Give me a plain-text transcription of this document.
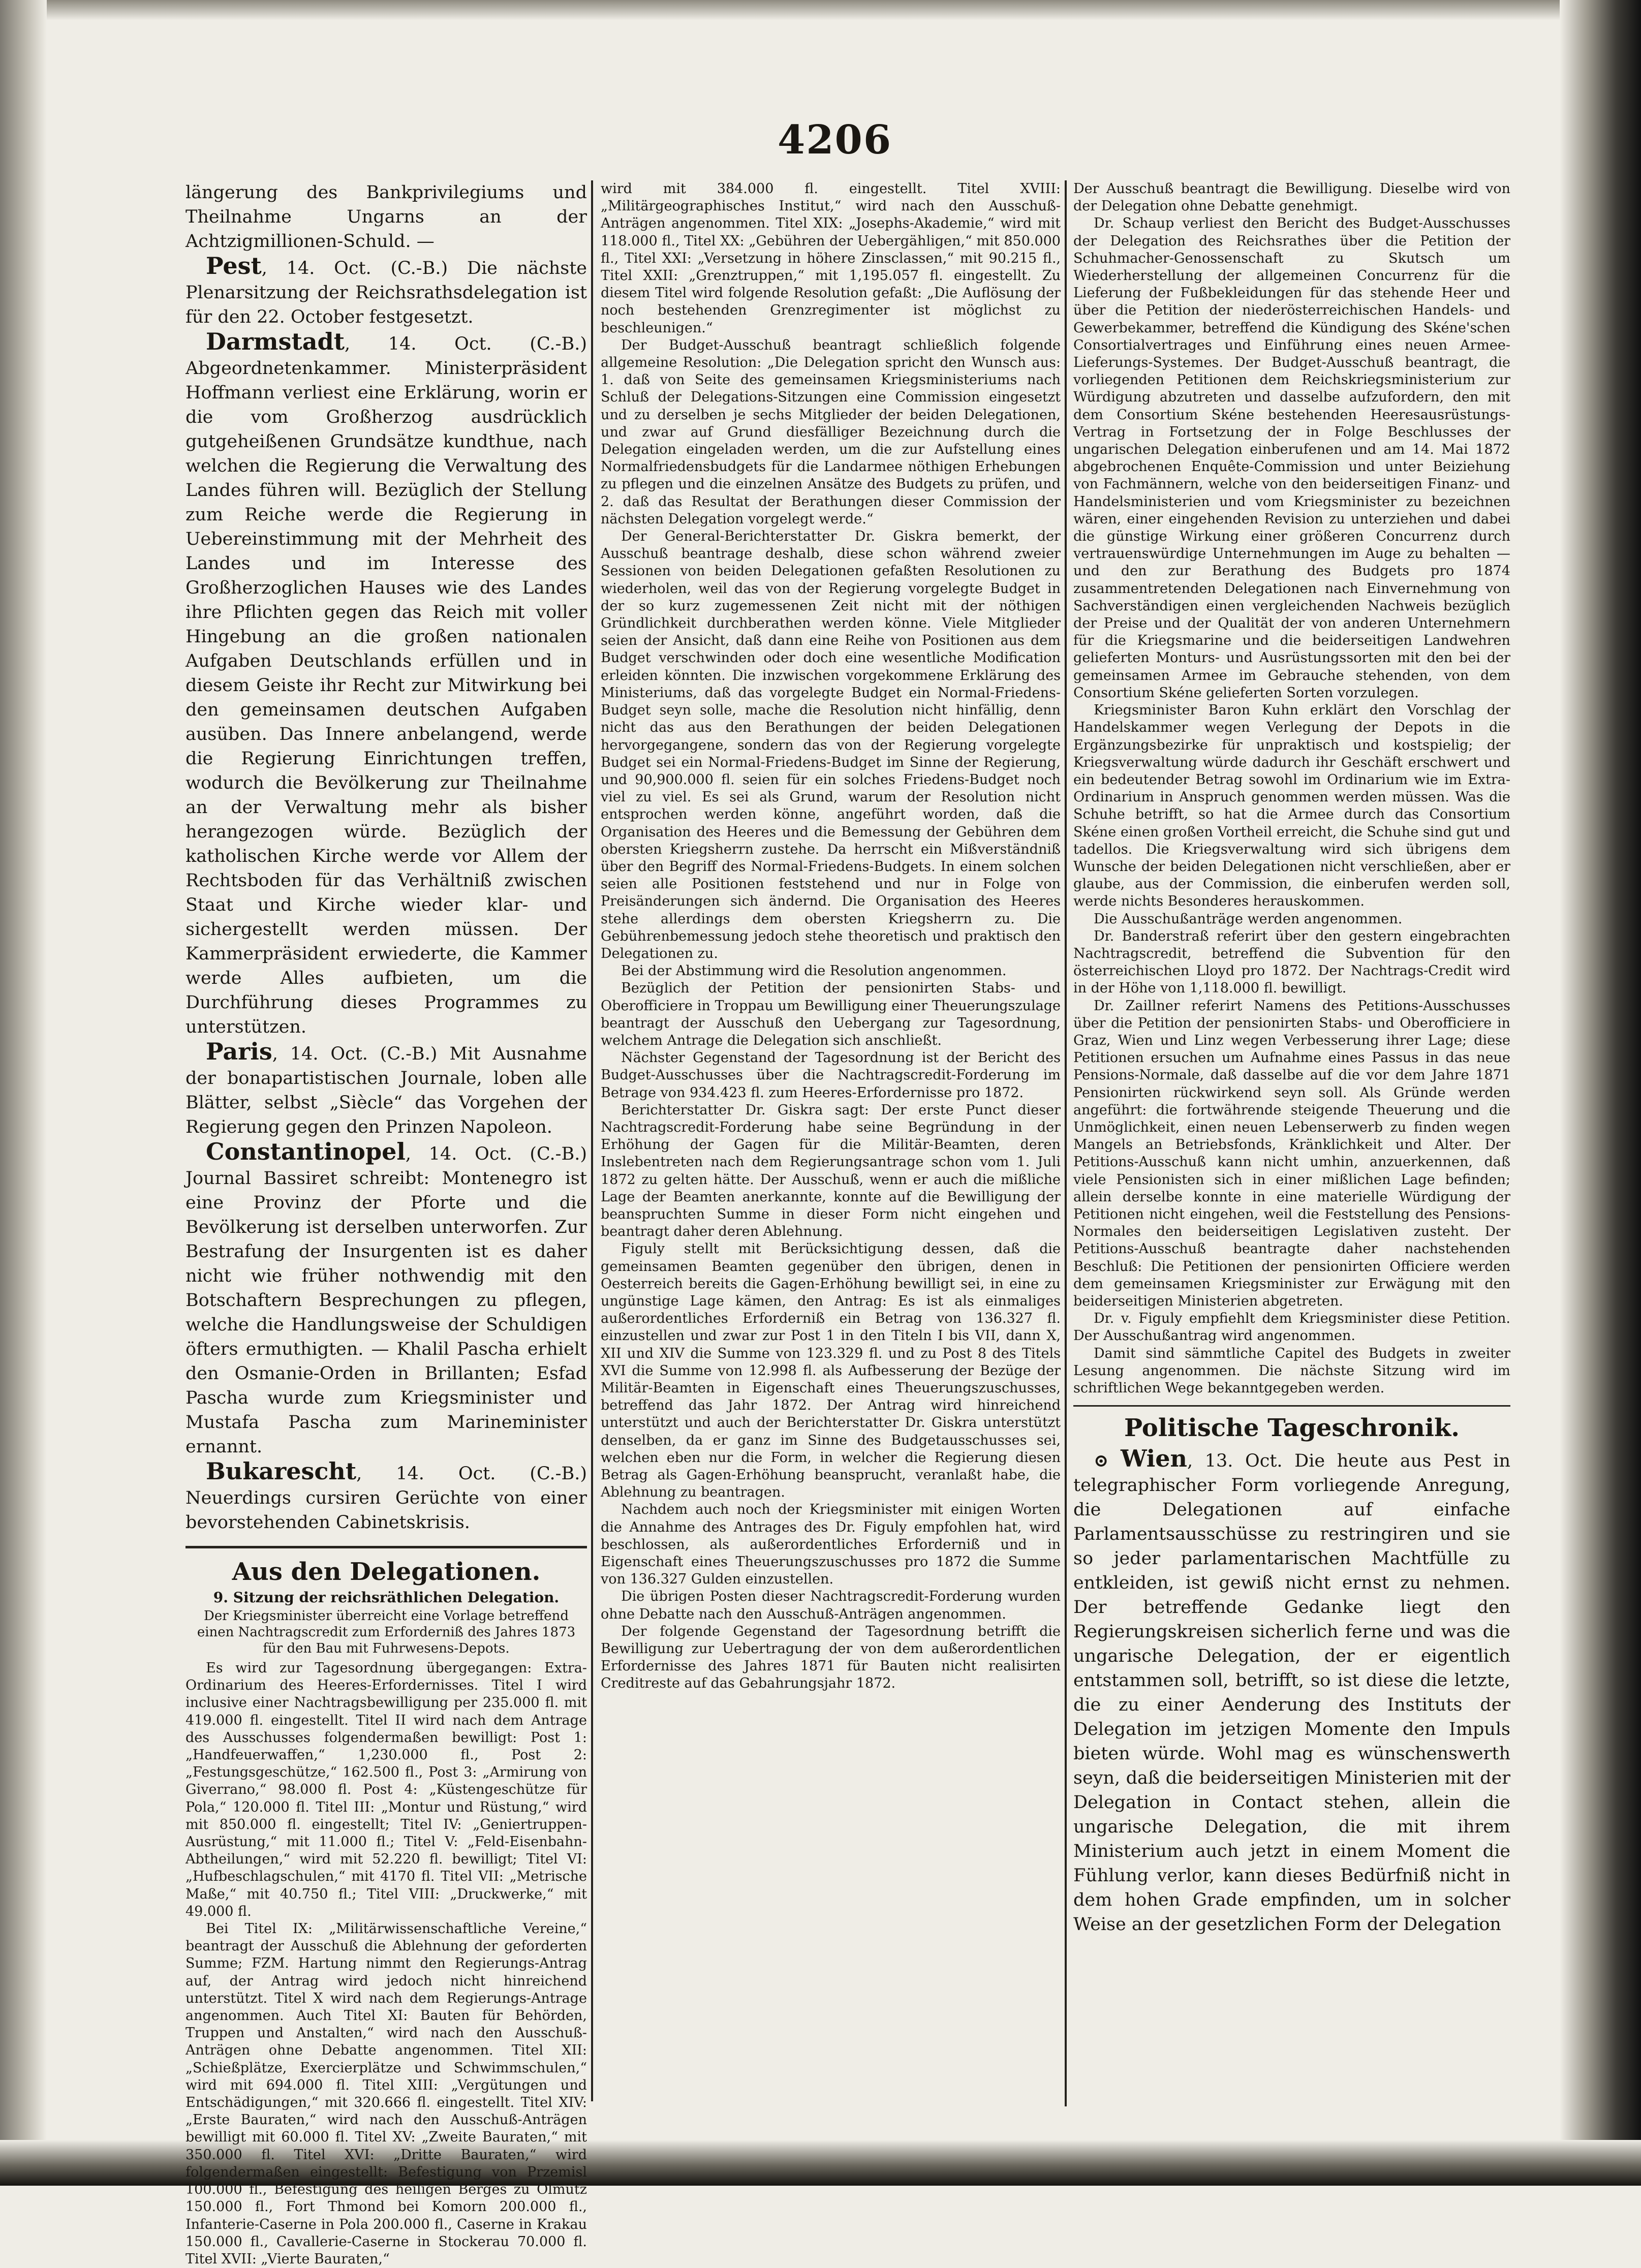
4206

längerung des Bankprivilegiums und Theilnahme Ungarns an der Achtzigmillionen-Schuld. —

Pest, 14. Oct. (C.-B.) Die nächste Plenarsitzung der Reichsrathsdelegation ist für den 22. October festgesetzt.

Darmstadt, 14. Oct. (C.-B.) Abgeordnetenkammer. Ministerpräsident Hoffmann verliest eine Erklärung, worin er die vom Großherzog ausdrücklich gutgeheißenen Grundsätze kundthue, nach welchen die Regierung die Verwaltung des Landes führen will. Bezüglich der Stellung zum Reiche werde die Regierung in Uebereinstimmung mit der Mehrheit des Landes und im Interesse des Großherzoglichen Hauses wie des Landes ihre Pflichten gegen das Reich mit voller Hingebung an die großen nationalen Aufgaben Deutschlands erfüllen und in diesem Geiste ihr Recht zur Mitwirkung bei den gemeinsamen deutschen Aufgaben ausüben. Das Innere anbelangend, werde die Regierung Einrichtungen treffen, wodurch die Bevölkerung zur Theilnahme an der Verwaltung mehr als bisher herangezogen würde. Bezüglich der katholischen Kirche werde vor Allem der Rechtsboden für das Verhältniß zwischen Staat und Kirche wieder klar- und sichergestellt werden müssen. Der Kammerpräsident erwiederte, die Kammer werde Alles aufbieten, um die Durchführung dieses Programmes zu unterstützen.

Paris, 14. Oct. (C.-B.) Mit Ausnahme der bonapartistischen Journale, loben alle Blätter, selbst „Siècle“ das Vorgehen der Regierung gegen den Prinzen Napoleon.

Constantinopel, 14. Oct. (C.-B.) Journal Bassiret schreibt: Montenegro ist eine Provinz der Pforte und die Bevölkerung ist derselben unterworfen. Zur Bestrafung der Insurgenten ist es daher nicht wie früher nothwendig mit den Botschaftern Besprechungen zu pflegen, welche die Handlungsweise der Schuldigen öfters ermuthigten. — Khalil Pascha erhielt den Osmanie-Orden in Brillanten; Esfad Pascha wurde zum Kriegsminister und Mustafa Pascha zum Marineminister ernannt.

Bukarescht, 14. Oct. (C.-B.) Neuerdings cursiren Gerüchte von einer bevorstehenden Cabinetskrisis.

Aus den Delegationen.
9. Sitzung der reichsräthlichen Delegation.

Der Kriegsminister überreicht eine Vorlage betreffend einen Nachtragscredit zum Erforderniß des Jahres 1873 für den Bau mit Fuhrwesens-Depots.

Es wird zur Tagesordnung übergegangen: Extra-Ordinarium des Heeres-Erfordernisses. Titel I wird inclusive einer Nachtragsbewilligung per 235.000 fl. mit 419.000 fl. eingestellt. Titel II wird nach dem Antrage des Ausschusses folgendermaßen bewilligt: Post 1: „Handfeuerwaffen,“ 1,230.000 fl., Post 2: „Festungsgeschütze,“ 162.500 fl., Post 3: „Armirung von Giverrano,“ 98.000 fl. Post 4: „Küstengeschütze für Pola,“ 120.000 fl. Titel III: „Montur und Rüstung,“ wird mit 850.000 fl. eingestellt; Titel IV: „Geniertruppen-Ausrüstung,“ mit 11.000 fl.; Titel V: „Feld-Eisenbahn-Abtheilungen,“ wird mit 52.220 fl. bewilligt; Titel VI: „Hufbeschlagschulen,“ mit 4170 fl. Titel VII: „Metrische Maße,“ mit 40.750 fl.; Titel VIII: „Druckwerke,“ mit 49.000 fl.

Bei Titel IX: „Militärwissenschaftliche Vereine,“ beantragt der Ausschuß die Ablehnung der geforderten Summe; FZM. Hartung nimmt den Regierungs-Antrag auf, der Antrag wird jedoch nicht hinreichend unterstützt. Titel X wird nach dem Regierungs-Antrage angenommen. Auch Titel XI: Bauten für Behörden, Truppen und Anstalten,“ wird nach den Ausschuß-Anträgen ohne Debatte angenommen. Titel XII: „Schießplätze, Exercierplätze und Schwimmschulen,“ wird mit 694.000 fl. Titel XIII: „Vergütungen und Entschädigungen,“ mit 320.666 fl. eingestellt. Titel XIV: „Erste Bauraten,“ wird nach den Ausschuß-Anträgen bewilligt mit 60.000 fl. Titel XV: „Zweite Bauraten,“ mit 350.000 fl. Titel XVI: „Dritte Bauraten,“ wird folgendermaßen eingestellt: Befestigung von Przemisl 100.000 fl., Befestigung des heiligen Berges zu Olmütz 150.000 fl., Fort Thmond bei Komorn 200.000 fl., Infanterie-Caserne in Pola 200.000 fl., Caserne in Krakau 150.000 fl., Cavallerie-Caserne in Stockerau 70.000 fl. Titel XVII: „Vierte Bauraten,“

wird mit 384.000 fl. eingestellt. Titel XVIII: „Militärgeographisches Institut,“ wird nach den Ausschuß-Anträgen angenommen. Titel XIX: „Josephs-Akademie,“ wird mit 118.000 fl., Titel XX: „Gebühren der Uebergähligen,“ mit 850.000 fl., Titel XXI: „Versetzung in höhere Zinsclassen,“ mit 90.215 fl., Titel XXII: „Grenztruppen,“ mit 1,195.057 fl. eingestellt. Zu diesem Titel wird folgende Resolution gefaßt: „Die Auflösung der noch bestehenden Grenzregimenter ist möglichst zu beschleunigen.“

Der Budget-Ausschuß beantragt schließlich folgende allgemeine Resolution: „Die Delegation spricht den Wunsch aus: 1. daß von Seite des gemeinsamen Kriegsministeriums nach Schluß der Delegations-Sitzungen eine Commission eingesetzt und zu derselben je sechs Mitglieder der beiden Delegationen, und zwar auf Grund diesfälliger Bezeichnung durch die Delegation eingeladen werden, um die zur Aufstellung eines Normalfriedensbudgets für die Landarmee nöthigen Erhebungen zu pflegen und die einzelnen Ansätze des Budgets zu prüfen, und 2. daß das Resultat der Berathungen dieser Commission der nächsten Delegation vorgelegt werde.“

Der General-Berichterstatter Dr. Giskra bemerkt, der Ausschuß beantrage deshalb, diese schon während zweier Sessionen von beiden Delegationen gefaßten Resolutionen zu wiederholen, weil das von der Regierung vorgelegte Budget in der so kurz zugemessenen Zeit nicht mit der nöthigen Gründlichkeit durchberathen werden könne. Viele Mitglieder seien der Ansicht, daß dann eine Reihe von Positionen aus dem Budget verschwinden oder doch eine wesentliche Modification erleiden könnten. Die inzwischen vorgekommene Erklärung des Ministeriums, daß das vorgelegte Budget ein Normal-Friedens-Budget seyn solle, mache die Resolution nicht hinfällig, denn nicht das aus den Berathungen der beiden Delegationen hervorgegangene, sondern das von der Regierung vorgelegte Budget sei ein Normal-Friedens-Budget im Sinne der Regierung, und 90,900.000 fl. seien für ein solches Friedens-Budget noch viel zu viel. Es sei als Grund, warum der Resolution nicht entsprochen werden könne, angeführt worden, daß die Organisation des Heeres und die Bemessung der Gebühren dem obersten Kriegsherrn zustehe. Da herrscht ein Mißverständniß über den Begriff des Normal-Friedens-Budgets. In einem solchen seien alle Positionen feststehend und nur in Folge von Preisänderungen sich ändernd. Die Organisation des Heeres stehe allerdings dem obersten Kriegsherrn zu. Die Gebührenbemessung jedoch stehe theoretisch und praktisch den Delegationen zu.

Bei der Abstimmung wird die Resolution angenommen.

Bezüglich der Petition der pensionirten Stabs- und Oberofficiere in Troppau um Bewilligung einer Theuerungszulage beantragt der Ausschuß den Uebergang zur Tagesordnung, welchem Antrage die Delegation sich anschließt.

Nächster Gegenstand der Tagesordnung ist der Bericht des Budget-Ausschusses über die Nachtragscredit-Forderung im Betrage von 934.423 fl. zum Heeres-Erfordernisse pro 1872.

Berichterstatter Dr. Giskra sagt: Der erste Punct dieser Nachtragscredit-Forderung habe seine Begründung in der Erhöhung der Gagen für die Militär-Beamten, deren Inslebentreten nach dem Regierungsantrage schon vom 1. Juli 1872 zu gelten hätte. Der Ausschuß, wenn er auch die mißliche Lage der Beamten anerkannte, konnte auf die Bewilligung der beanspruchten Summe in dieser Form nicht eingehen und beantragt daher deren Ablehnung.

Figuly stellt mit Berücksichtigung dessen, daß die gemeinsamen Beamten gegenüber den übrigen, denen in Oesterreich bereits die Gagen-Erhöhung bewilligt sei, in eine zu ungünstige Lage kämen, den Antrag: Es ist als einmaliges außerordentliches Erforderniß ein Betrag von 136.327 fl. einzustellen und zwar zur Post 1 in den Titeln I bis VII, dann X, XII und XIV die Summe von 123.329 fl. und zu Post 8 des Titels XVI die Summe von 12.998 fl. als Aufbesserung der Bezüge der Militär-Beamten in Eigenschaft eines Theuerungszuschusses, betreffend das Jahr 1872. Der Antrag wird hinreichend unterstützt und auch der Berichterstatter Dr. Giskra unterstützt denselben, da er ganz im Sinne des Budgetausschusses sei, welchen eben nur die Form, in welcher die Regierung diesen Betrag als Gagen-Erhöhung beansprucht, veranlaßt habe, die Ablehnung zu beantragen.

Nachdem auch noch der Kriegsminister mit einigen Worten die Annahme des Antrages des Dr. Figuly empfohlen hat, wird beschlossen, als außerordentliches Erforderniß und in Eigenschaft eines Theuerungszuschusses pro 1872 die Summe von 136.327 Gulden einzustellen.

Die übrigen Posten dieser Nachtragscredit-Forderung wurden ohne Debatte nach den Ausschuß-Anträgen angenommen.

Der folgende Gegenstand der Tagesordnung betrifft die Bewilligung zur Uebertragung der von dem außerordentlichen Erfordernisse des Jahres 1871 für Bauten nicht realisirten Creditreste auf das Gebahrungsjahr 1872.

Der Ausschuß beantragt die Bewilligung. Dieselbe wird von der Delegation ohne Debatte genehmigt.

Dr. Schaup verliest den Bericht des Budget-Ausschusses der Delegation des Reichsrathes über die Petition der Schuhmacher-Genossenschaft zu Skutsch um Wiederherstellung der allgemeinen Concurrenz für die Lieferung der Fußbekleidungen für das stehende Heer und über die Petition der niederösterreichischen Handels- und Gewerbekammer, betreffend die Kündigung des Skéne'schen Consortialvertrages und Einführung eines neuen Armee-Lieferungs-Systemes. Der Budget-Ausschuß beantragt, die vorliegenden Petitionen dem Reichskriegsministerium zur Würdigung abzutreten und dasselbe aufzufordern, den mit dem Consortium Skéne bestehenden Heeresausrüstungs-Vertrag in Fortsetzung der in Folge Beschlusses der ungarischen Delegation einberufenen und am 14. Mai 1872 abgebrochenen Enquête-Commission und unter Beiziehung von Fachmännern, welche von den beiderseitigen Finanz- und Handelsministerien und vom Kriegsminister zu bezeichnen wären, einer eingehenden Revision zu unterziehen und dabei die günstige Wirkung einer größeren Concurrenz durch vertrauenswürdige Unternehmungen im Auge zu behalten — und den zur Berathung des Budgets pro 1874 zusammentretenden Delegationen nach Einvernehmung von Sachverständigen einen vergleichenden Nachweis bezüglich der Preise und der Qualität der von anderen Unternehmern für die Kriegsmarine und die beiderseitigen Landwehren gelieferten Monturs- und Ausrüstungssorten mit den bei der gemeinsamen Armee im Gebrauche stehenden, von dem Consortium Skéne gelieferten Sorten vorzulegen.

Kriegsminister Baron Kuhn erklärt den Vorschlag der Handelskammer wegen Verlegung der Depots in die Ergänzungsbezirke für unpraktisch und kostspielig; der Kriegsverwaltung würde dadurch ihr Geschäft erschwert und ein bedeutender Betrag sowohl im Ordinarium wie im Extra-Ordinarium in Anspruch genommen werden müssen. Was die Schuhe betrifft, so hat die Armee durch das Consortium Skéne einen großen Vortheil erreicht, die Schuhe sind gut und tadellos. Die Kriegsverwaltung wird sich übrigens dem Wunsche der beiden Delegationen nicht verschließen, aber er glaube, aus der Commission, die einberufen werden soll, werde nichts Besonderes herauskommen.

Die Ausschußanträge werden angenommen.

Dr. Banderstraß referirt über den gestern eingebrachten Nachtragscredit, betreffend die Subvention für den österreichischen Lloyd pro 1872. Der Nachtrags-Credit wird in der Höhe von 1,118.000 fl. bewilligt.

Dr. Zaillner referirt Namens des Petitions-Ausschusses über die Petition der pensionirten Stabs- und Oberofficiere in Graz, Wien und Linz wegen Verbesserung ihrer Lage; diese Petitionen ersuchen um Aufnahme eines Passus in das neue Pensions-Normale, daß dasselbe auf die vor dem Jahre 1871 Pensionirten rückwirkend seyn soll. Als Gründe werden angeführt: die fortwährende steigende Theuerung und die Unmöglichkeit, einen neuen Lebenserwerb zu finden wegen Mangels an Betriebsfonds, Kränklichkeit und Alter. Der Petitions-Ausschuß kann nicht umhin, anzuerkennen, daß viele Pensionisten sich in einer mißlichen Lage befinden; allein derselbe konnte in eine materielle Würdigung der Petitionen nicht eingehen, weil die Feststellung des Pensions-Normales den beiderseitigen Legislativen zusteht. Der Petitions-Ausschuß beantragte daher nachstehenden Beschluß: Die Petitionen der pensionirten Officiere werden dem gemeinsamen Kriegsminister zur Erwägung mit den beiderseitigen Ministerien abgetreten.

Dr. v. Figuly empfiehlt dem Kriegsminister diese Petition. Der Ausschußantrag wird angenommen.

Damit sind sämmtliche Capitel des Budgets in zweiter Lesung angenommen. Die nächste Sitzung wird im schriftlichen Wege bekanntgegeben werden.

Politische Tageschronik.

⊙ Wien, 13. Oct. Die heute aus Pest in telegraphischer Form vorliegende Anregung, die Delegationen auf einfache Parlamentsausschüsse zu restringiren und sie so jeder parlamentarischen Machtfülle zu entkleiden, ist gewiß nicht ernst zu nehmen. Der betreffende Gedanke liegt den Regierungskreisen sicherlich ferne und was die ungarische Delegation, der er eigentlich entstammen soll, betrifft, so ist diese die letzte, die zu einer Aenderung des Instituts der Delegation im jetzigen Momente den Impuls bieten würde. Wohl mag es wünschenswerth seyn, daß die beiderseitigen Ministerien mit der Delegation in Contact stehen, allein die ungarische Delegation, die mit ihrem Ministerium auch jetzt in einem Moment die Fühlung verlor, kann dieses Bedürfniß nicht in dem hohen Grade empfinden, um in solcher Weise an der gesetzlichen Form der Delegation
